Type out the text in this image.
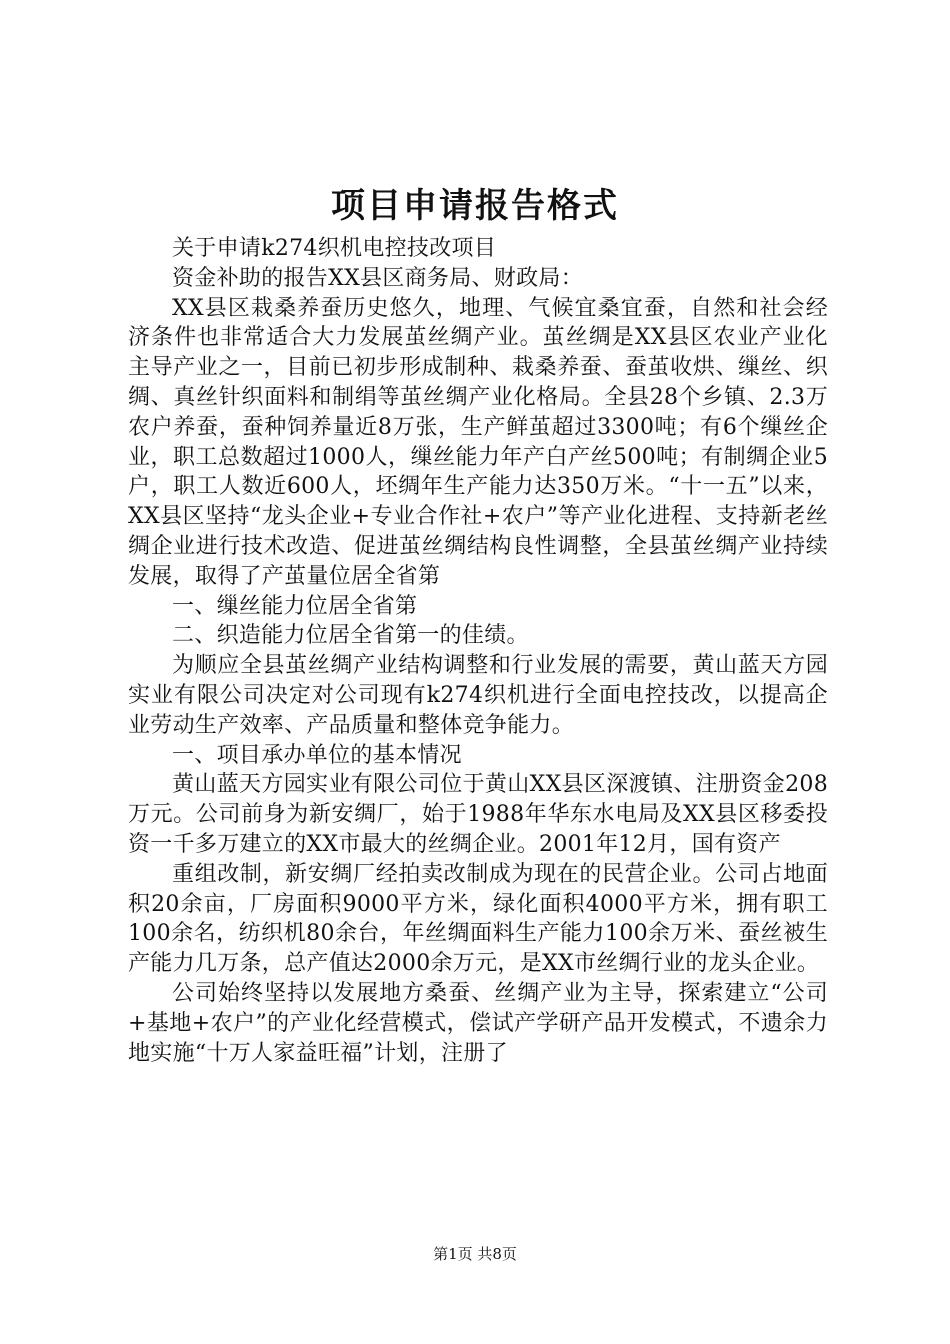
项目申请报告格式

关于申请k274织机电控技改项目

资金补助的报告XX县区商务局、财政局：

XX县区栽桑养蚕历史悠久，地理、气候宜桑宜蚕，自然和社会经济条件也非常适合大力发展茧丝绸产业。茧丝绸是XX县区农业产业化主导产业之一，目前已初步形成制种、栽桑养蚕、蚕茧收烘、缫丝、织绸、真丝针织面料和制绢等茧丝绸产业化格局。全县28个乡镇、2.3万农户养蚕，蚕种饲养量近8万张，生产鲜茧超过3300吨；有6个缫丝企业，职工总数超过1000人，缫丝能力年产白产丝500吨；有制绸企业5户，职工人数近600人，坯绸年生产能力达350万米。“十一五”以来，XX县区坚持“龙头企业+专业合作社+农户”等产业化进程、支持新老丝绸企业进行技术改造、促进茧丝绸结构良性调整，全县茧丝绸产业持续发展，取得了产茧量位居全省第

一、缫丝能力位居全省第

二、织造能力位居全省第一的佳绩。

为顺应全县茧丝绸产业结构调整和行业发展的需要，黄山蓝天方园实业有限公司决定对公司现有k274织机进行全面电控技改，以提高企业劳动生产效率、产品质量和整体竞争能力。

一、项目承办单位的基本情况

黄山蓝天方园实业有限公司位于黄山XX县区深渡镇、注册资金208万元。公司前身为新安绸厂，始于1988年华东水电局及XX县区移委投资一千多万建立的XX市最大的丝绸企业。2001年12月，国有资产

重组改制，新安绸厂经拍卖改制成为现在的民营企业。公司占地面积20余亩，厂房面积9000平方米，绿化面积4000平方米，拥有职工100余名，纺织机80余台，年丝绸面料生产能力100余万米、蚕丝被生产能力几万条，总产值达2000余万元，是XX市丝绸行业的龙头企业。

公司始终坚持以发展地方桑蚕、丝绸产业为主导，探索建立“公司+基地+农户”的产业化经营模式，偿试产学研产品开发模式，不遗余力地实施“十万人家益旺福”计划，注册了

第1页 共8页
